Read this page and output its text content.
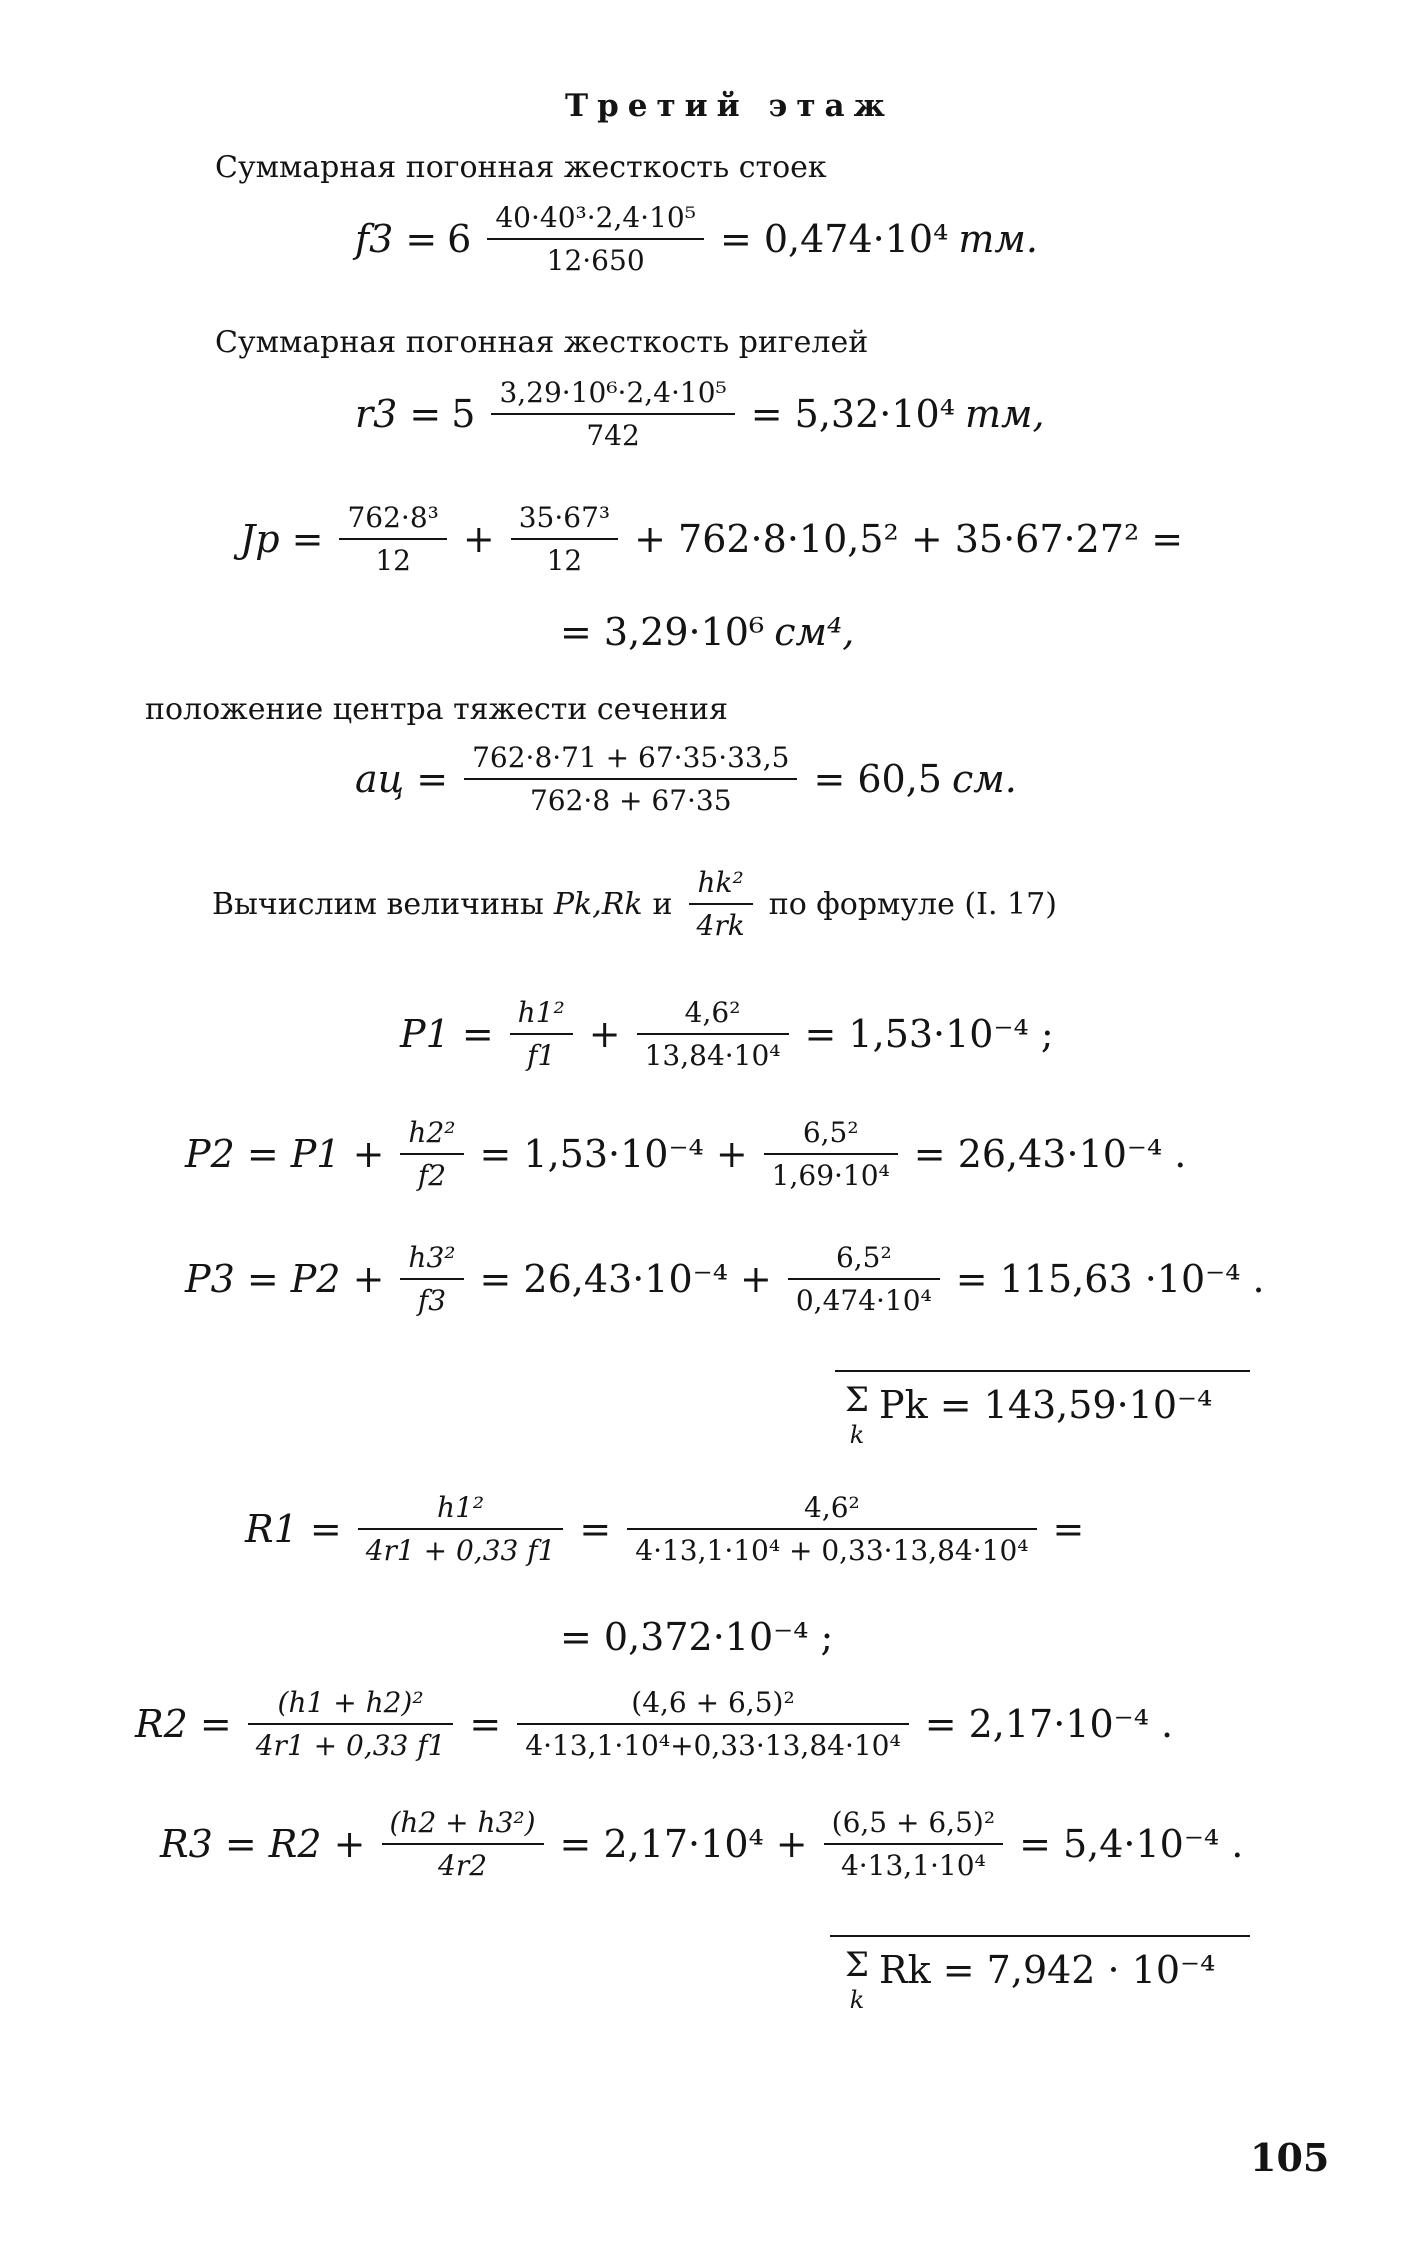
Третий этаж
Суммарная погонная жесткость стоек
$f3 = 6 \frac{\text{40·40³·2,4·10⁵}}{12\cdot 650} = 0,474\cdot 10^4$ тм.
Суммарная погонная жесткость ригелей
$r3 = 5 \frac{\text{3,29·10⁶·2,4·10⁵}}{742} = 5,32\cdot 10^4$ тм,
Jр = $\frac{\text{762·8³}}{12} + \frac{\text{35·67³}}{12} + 762\cdot 8\cdot 10,5^2 + 35\cdot 67\cdot 27^2$ =
= 3,29·10⁶ см⁴,
положение центра тяжести сечения
aц = $\frac{762\cdot 8\cdot 71 + 67\cdot 35\cdot 33,5}{762\cdot 8 + 67\cdot 35} = 60,5$ см.
Вычислим величины Pk,Rk и $\frac{\text{hk²}}{4rk}$ по формуле (I. 17)
$P1 = \frac{\text{h1²}}{f1} + \frac{\text{4,6²}}{\text{13,84·10⁴}} = 1,53\cdot 10^{-4}$ ;
$P2 = P1 + \frac{\text{h2²}}{f2} = 1,53\cdot 10^{-4} + \frac{\text{6,5²}}{\text{1,69·10⁴}} = 26,43\cdot 10^{-4}$ .
$P3 = P2 + \frac{\text{h3²}}{f3} = 26,43\cdot 10^{-4} + \frac{\text{6,5²}}{\text{0,474·10⁴}} = 115,63 \cdot 10^{-4}$ .
Σ
k
Pk = 143,59·10⁻⁴
$R1 = \frac{\text{h1²}}{4r1 + 0,33 f1} = \frac{\text{4,6²}}{\text{4·13,1·10⁴ + 0,33·13,84·10⁴}}$ =
= 0,372·10⁻⁴ ;
$R2 = \frac{\text{(h1 + h2)²}}{4r1 + 0,33 f1} = \frac{\text{(4,6 + 6,5)²}}{\text{4·13,1·10⁴+0,33·13,84·10⁴}} = 2,17\cdot 10^{-4}$ .
$R3 = R2 + \frac{\text{(h2 + h3²)}}{4r2} = 2,17\cdot 10^4 + \frac{\text{(6,5 + 6,5)²}}{\text{4·13,1·10⁴}} = 5,4\cdot 10^{-4}$ .
Σ
k
Rk = 7,942 · 10⁻⁴
105
